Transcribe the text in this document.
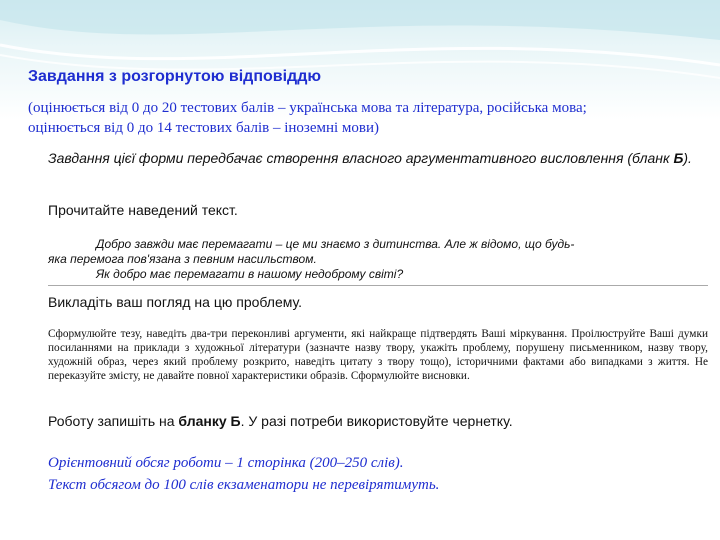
Завдання з розгорнутою відповіддю
(оцінюється від 0 до 20 тестових балів – українська мова та література, російська мова;
оцінюється від 0 до 14 тестових балів – іноземні мови)
Завдання цієї форми передбачає створення власного аргументативного висловлення (бланк Б).
Прочитайте наведений текст.
Добро завжди має перемагати – це ми знаємо з дитинства. Але ж відомо, що будь-
яка перемога пов'язана з певним насильством.
Як добро має перемагати в нашому недоброму світі?
Викладіть ваш погляд на цю проблему.
Сформулюйте тезу, наведіть два-три переконливі аргументи, які найкраще підтвердять Ваші міркування. Проілюструйте Ваші думки посиланнями на приклади з художньої літератури (зазначте назву твору, укажіть проблему, порушену письменником, назву твору, художній образ, через який проблему розкрито, наведіть цитату з твору тощо), історичними фактами або випадками з життя. Не переказуйте змісту, не давайте повної характеристики образів. Сформулюйте висновки.
Роботу запишіть на бланку Б. У разі потреби використовуйте чернетку.
Орієнтовний обсяг роботи – 1 сторінка (200–250 слів).
Текст обсягом до 100 слів екзаменатори не перевірятимуть.
